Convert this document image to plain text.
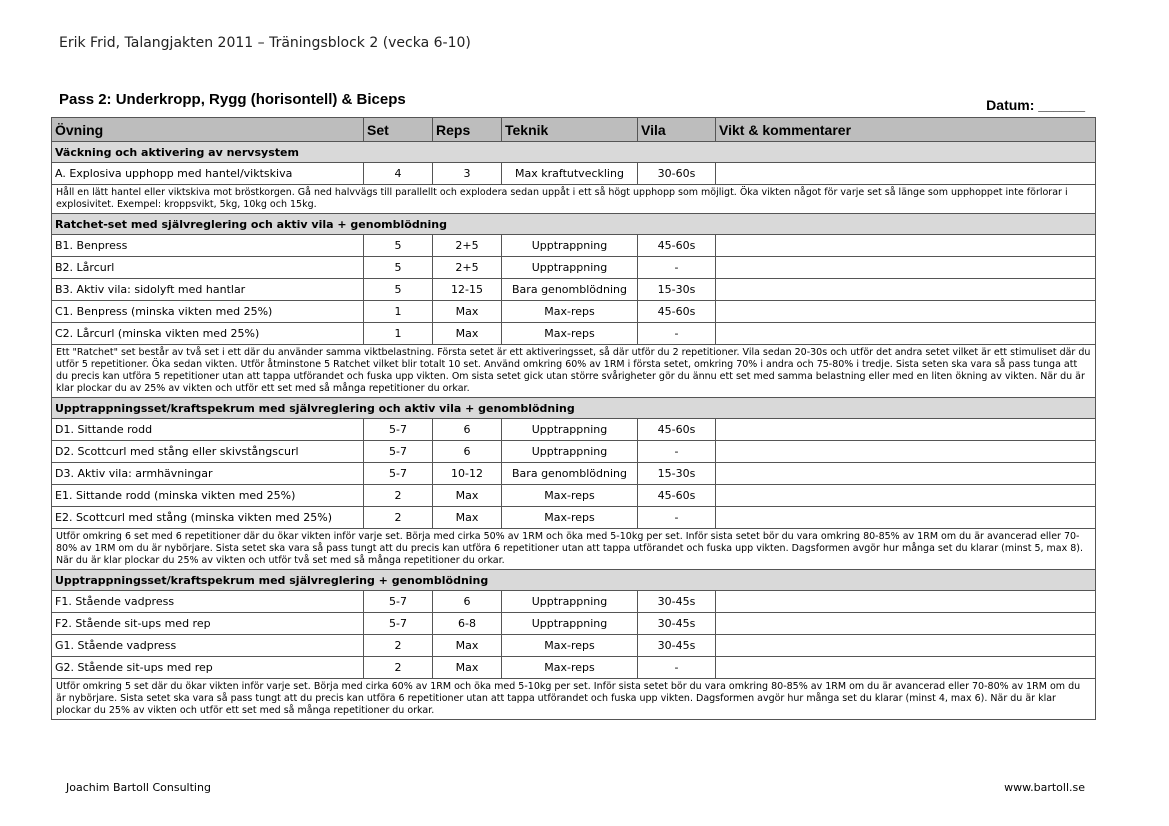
Erik Frid, Talangjakten 2011 – Träningsblock 2 (vecka 6-10)
Pass 2: Underkropp, Rygg (horisontell) & Biceps	Datum: ______
Övning	Set	Reps	Teknik	Vila	Vikt & kommentarer
Väckning och aktivering av nervsystem					
A. Explosiva upphopp med hantel/viktskiva	4	3	Max kraftutveckling	30-60s	
Håll en lätt hantel eller viktskiva mot bröstkorgen. Gå ned halvvägs till parallellt och explodera sedan uppåt i ett så högt upphopp som möjligt. Öka vikten något för varje set så länge som upphoppet inte förlorar i explosivitet. Exempel: kroppsvikt, 5kg, 10kg och 15kg.					
Ratchet-set med självreglering och aktiv vila + genomblödning					
B1. Benpress	5	2+5	Upptrappning	45-60s	
B2. Lårcurl	5	2+5	Upptrappning	-	
B3. Aktiv vila: sidolyft med hantlar	5	12-15	Bara genomblödning	15-30s	
C1. Benpress (minska vikten med 25%)	1	Max	Max-reps	45-60s	
C2. Lårcurl (minska vikten med 25%)	1	Max	Max-reps	-	
Ett "Ratchet" set består av två set i ett där du använder samma viktbelastning. Första setet är ett aktiveringsset, så där utför du 2 repetitioner. Vila sedan 20-30s och utför det andra setet vilket är ett stimuliset där du utför 5 repetitioner. Öka sedan vikten. Utför åtminstone 5 Ratchet vilket blir totalt 10 set. Använd omkring 60% av 1RM i första setet, omkring 70% i andra och 75-80% i tredje. Sista seten ska vara så pass tunga att du precis kan utföra 5 repetitioner utan att tappa utförandet och fuska upp vikten. Om sista setet gick utan större svårigheter gör du ännu ett set med samma belastning eller med en liten ökning av vikten. När du är klar plockar du av 25% av vikten och utför ett set med så många repetitioner du orkar.					
Upptrappningsset/kraftspekrum med självreglering och aktiv vila + genomblödning					
D1. Sittande rodd	5-7	6	Upptrappning	45-60s	
D2. Scottcurl med stång eller skivstångscurl	5-7	6	Upptrappning	-	
D3. Aktiv vila: armhävningar	5-7	10-12	Bara genomblödning	15-30s	
E1. Sittande rodd (minska vikten med 25%)	2	Max	Max-reps	45-60s	
E2. Scottcurl med stång (minska vikten med 25%)	2	Max	Max-reps	-	
Utför omkring 6 set med 6 repetitioner där du ökar vikten inför varje set. Börja med cirka 50% av 1RM och öka med 5-10kg per set. Inför sista setet bör du vara omkring 80-85% av 1RM om du är avancerad eller 70-80% av 1RM om du är nybörjare. Sista setet ska vara så pass tungt att du precis kan utföra 6 repetitioner utan att tappa utförandet och fuska upp vikten. Dagsformen avgör hur många set du klarar (minst 5, max 8). När du är klar plockar du 25% av vikten och utför två set med så många repetitioner du orkar.					
Upptrappningsset/kraftspekrum med självreglering + genomblödning					
F1. Stående vadpress	5-7	6	Upptrappning	30-45s	
F2. Stående sit-ups med rep	5-7	6-8	Upptrappning	30-45s	
G1. Stående vadpress	2	Max	Max-reps	30-45s	
G2. Stående sit-ups med rep	2	Max	Max-reps	-	
Utför omkring 5 set där du ökar vikten inför varje set. Börja med cirka 60% av 1RM och öka med 5-10kg per set. Inför sista setet bör du vara omkring 80-85% av 1RM om du är avancerad eller 70-80% av 1RM om du är nybörjare. Sista setet ska vara så pass tungt att du precis kan utföra 6 repetitioner utan att tappa utförandet och fuska upp vikten. Dagsformen avgör hur många set du klarar (minst 4, max 6). När du är klar plockar du 25% av vikten och utför ett set med så många repetitioner du orkar.					
Joachim Bartoll Consulting	www.bartoll.se
